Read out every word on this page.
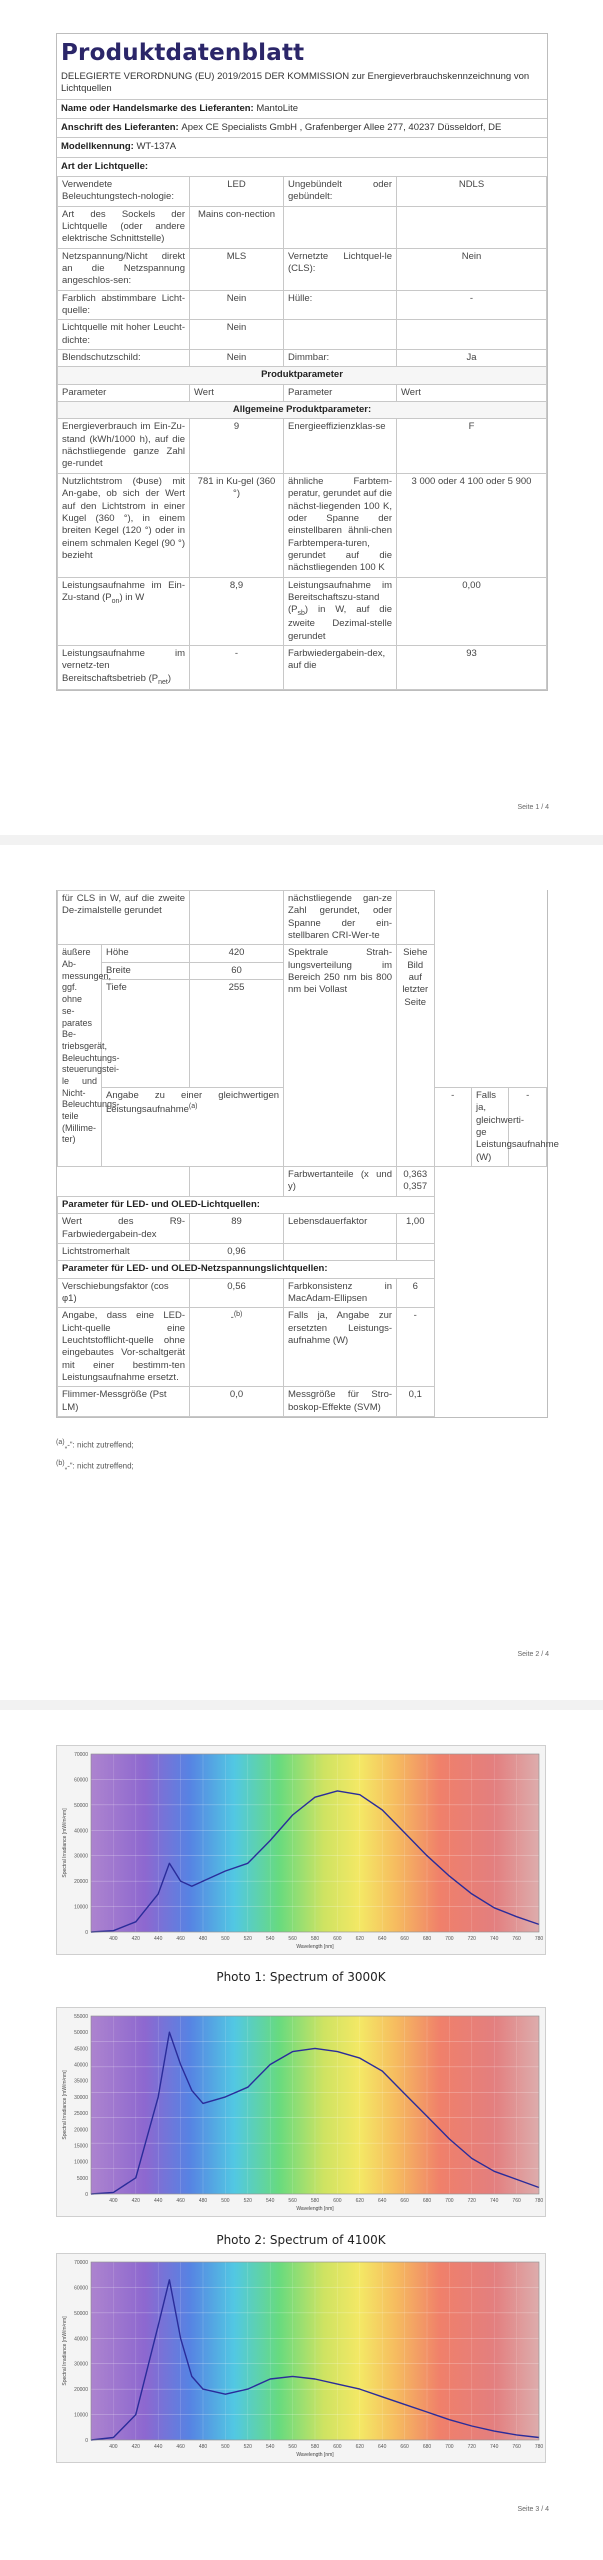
Produktdatenblatt
DELEGIERTE VERORDNUNG (EU) 2019/2015 DER KOMMISSION zur Energieverbrauchskennzeichnung von Lichtquellen
Name oder Handelsmarke des Lieferanten: MantoLite
Anschrift des Lieferanten: Apex CE Specialists GmbH , Grafenberger Allee 277, 40237 Düsseldorf, DE
Modellkennung: WT-137A
Art der Lichtquelle:
Verwendete Beleuchtungstech-nologie:	LED	Ungebündelt oder gebündelt:	NDLS
Art des Sockels der Lichtquelle (oder andere elektrische Schnittstelle)	Mains con-nection		
Netzspannung/Nicht direkt an die Netzspannung angeschlos-sen:	MLS	Vernetzte Lichtquel-le (CLS):	Nein
Farblich abstimmbare Licht-quelle:	Nein	Hülle:	-
Lichtquelle mit hoher Leucht-dichte:	Nein		
Blendschutzschild:	Nein	Dimmbar:	Ja
Produktparameter			
Parameter	Wert	Parameter	Wert
Allgemeine Produktparameter:			
Energieverbrauch im Ein-Zu-stand (kWh/1000 h), auf die nächstliegende ganze Zahl ge-rundet	9	Energieeffizienzklas-se	F
Nutzlichtstrom (Φuse) mit An-gabe, ob sich der Wert auf den Lichtstrom in einer Kugel (360 °), in einem breiten Kegel (120 °) oder in einem schmalen Kegel (90 °) bezieht	781 in Ku-gel (360 °)	ähnliche Farbtem-peratur, gerundet auf die nächst-liegenden 100 K, oder Spanne der einstellbaren ähnli-chen Farbtempera-turen, gerundet auf die nächstliegenden 100 K	3 000 oder 4 100 oder 5 900
Leistungsaufnahme im Ein-Zu-stand $(P_{on})$ in W	8,9	Leistungsaufnahme im Bereitschaftszu-stand $(P_{sb})$ in W, auf die zweite Dezimal-stelle gerundet	0,00
Leistungsaufnahme im vernetz-ten Bereitschaftsbetrieb $(P_{net})$	-	Farbwiedergabein-dex, auf die	93
Seite 1 / 4
für CLS in W, auf die zweite De-zimalstelle gerundet			nächstliegende gan-ze Zahl gerundet, oder Spanne der ein-stellbaren CRI-Wer-te				
äußere Ab-messungen, ggf. ohne se-parates Be-triebsgerät, Beleuchtungs-steuerungstei-le und Nicht-Beleuchtungs-teile (Millime-ter)	Höhe	420	Spektrale Strah-lungsverteilung im Bereich 250 nm bis 800 nm bei Vollast	Siehe Bild auf letzter Seite			
	Breite	60					
	Tiefe	255					
	Angabe zu einer gleichwertigen Leistungsaufnahme$^{(a)}$				-	Falls ja, gleichwerti-ge Leistungsaufnahme (W)	-
			Farbwertanteile (x und y)	0,363
0,357			

Parameter für LED- und OLED-Lichtquellen:							
Wert des R9-Farbwiedergabein-dex		89	Lebensdauerfaktor	1,00			
Lichtstromerhalt		0,96					
Parameter für LED- und OLED-Netzspannungslichtquellen:							
Verschiebungsfaktor (cos φ1)		0,56	Farbkonsistenz in MacAdam-Ellipsen	6			
Angabe, dass eine LED-Licht-quelle eine Leuchtstofflicht-quelle ohne eingebautes Vor-schaltgerät mit einer bestimm-ten Leistungsaufnahme ersetzt.		-$^{(b)}$	Falls ja, Angabe zur ersetzten Leistungs-aufnahme (W)	-			
Flimmer-Messgröße (Pst LM)		0,0	Messgröße für Stro-boskop-Effekte (SVM)	0,1			
$^{(a)}$„-“: nicht zutreffend;
$^{(b)}$„-“: nicht zutreffend;
Seite 2 / 4
400	420	440	460	480	500	520	540	560	580	600	620	640	660	680	700	720	740	760	780
0
10000
20000
30000
40000
50000
60000
70000
Wavelength [nm]
Spectral Irradiance [mW/m²nm]
Photo 1: Spectrum of 3000K
400	420	440	460	480	500	520	540	560	580	600	620	640	660	680	700	720	740	760	780
0
5000
10000
15000
20000
25000
30000
35000
40000
45000
50000
55000
Wavelength [nm]
Spectral Irradiance [mW/m²nm]
Photo 2: Spectrum of 4100K
400	420	440	460	480	500	520	540	560	580	600	620	640	660	680	700	720	740	760	780
0
10000
20000
30000
40000
50000
60000
70000
Wavelength [nm]
Spectral Irradiance [mW/m²nm]
Seite 3 / 4
